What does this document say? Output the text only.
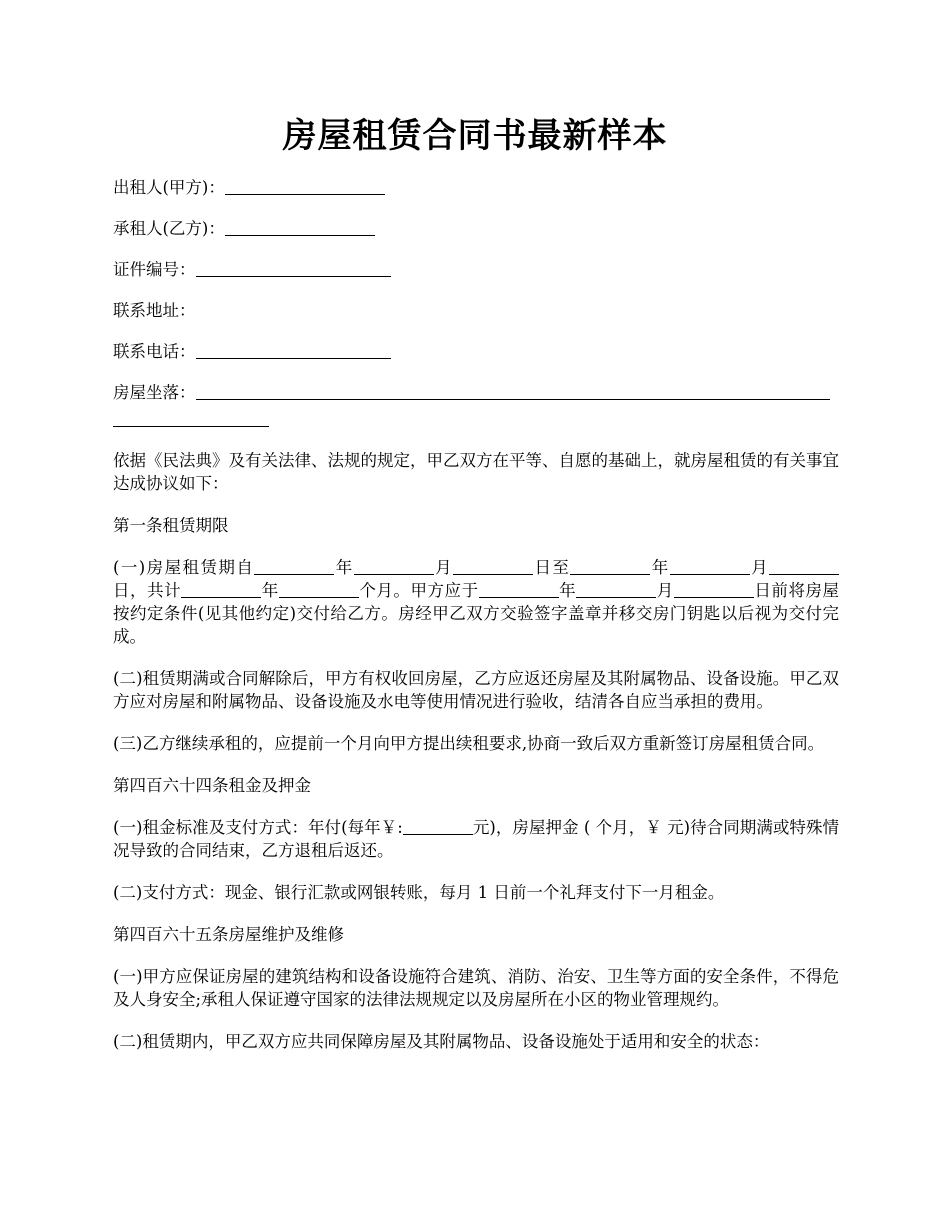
房屋租赁合同书最新样本
出租人(甲方)：
承租人(乙方)：
证件编号：
联系地址：
联系电话：
房屋坐落：

依据《民法典》及有关法律、法规的规定，甲乙双方在平等、自愿的基础上，就房屋租赁的有关事宜达成协议如下：

第一条租赁期限

(一)房屋租赁期自	年	月	日至	年	月日，共计	年	个月。甲方应于	年	月	日前将房屋按约定条件(见其他约定)交付给乙方。房经甲乙双方交验签字盖章并移交房门钥匙以后视为交付完成。

(二)租赁期满或合同解除后，甲方有权收回房屋，乙方应返还房屋及其附属物品、设备设施。甲乙双方应对房屋和附属物品、设备设施及水电等使用情况进行验收，结清各自应当承担的费用。

(三)乙方继续承租的，应提前一个月向甲方提出续租要求,协商一致后双方重新签订房屋租赁合同。

第四百六十四条租金及押金

(一)租金标准及支付方式：年付(每年￥:	元)，房屋押金 ( 个月，￥ 元)待合同期满或特殊情况导致的合同结束，乙方退租后返还。

(二)支付方式：现金、银行汇款或网银转账，每月 1 日前一个礼拜支付下一月租金。

第四百六十五条房屋维护及维修

(一)甲方应保证房屋的建筑结构和设备设施符合建筑、消防、治安、卫生等方面的安全条件，不得危及人身安全;承租人保证遵守国家的法律法规规定以及房屋所在小区的物业管理规约。

(二)租赁期内，甲乙双方应共同保障房屋及其附属物品、设备设施处于适用和安全的状态：
